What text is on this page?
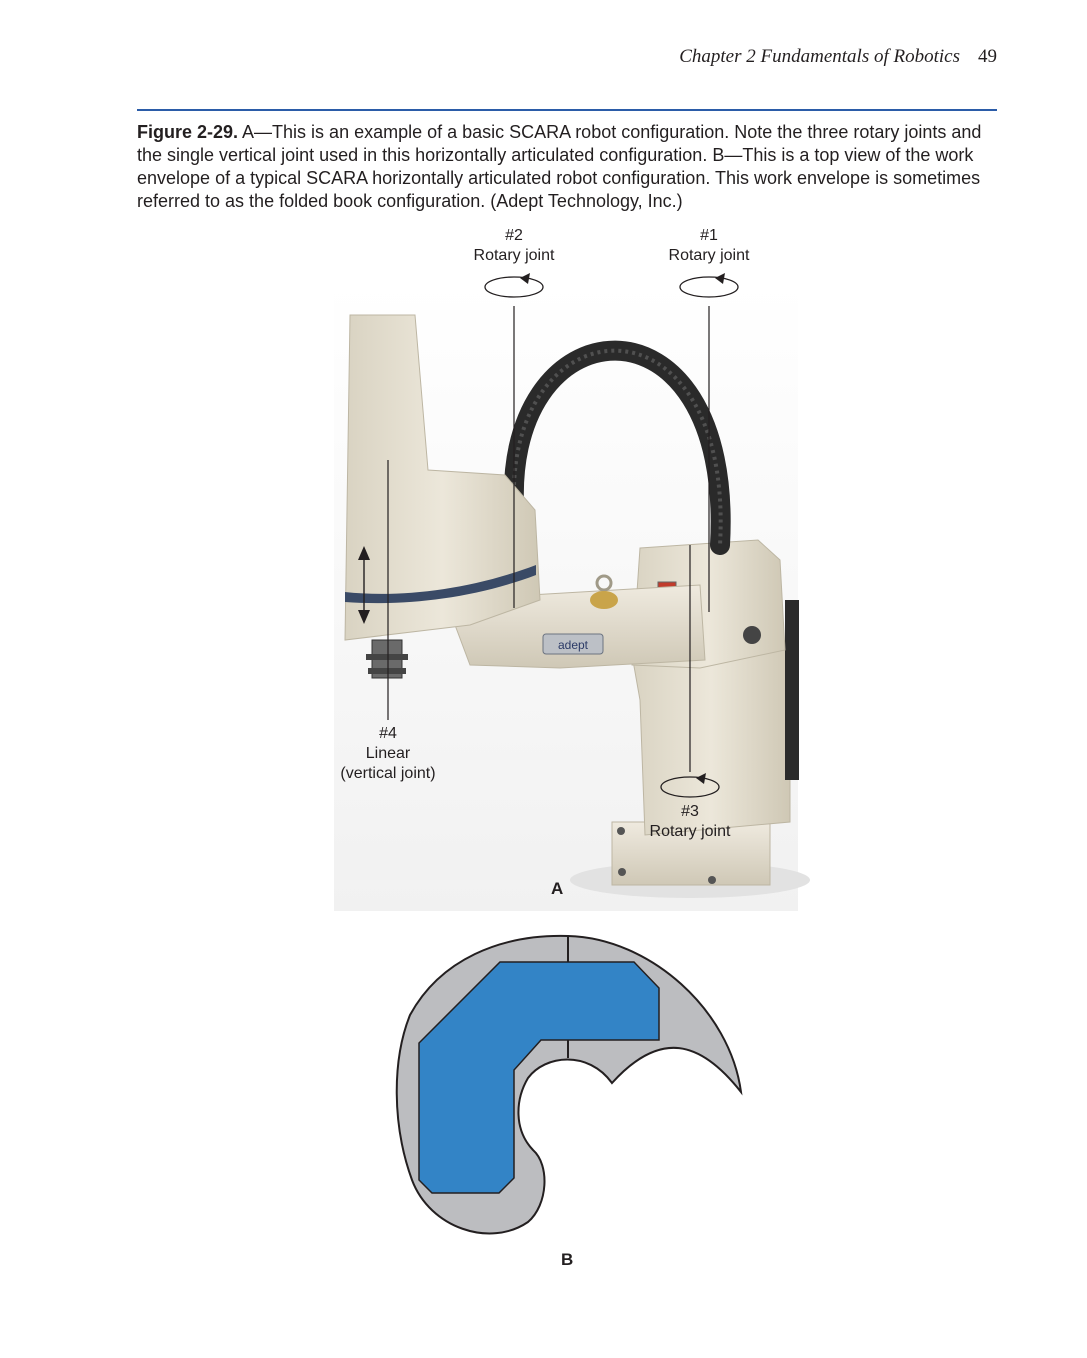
Chapter 2 Fundamentals of Robotics 49
Figure 2-29. A—This is an example of a basic SCARA robot configuration. Note the three rotary joints and the single vertical joint used in this horizontally articulated configuration. B—This is a top view of the work envelope of a typical SCARA horizontally articulated robot configuration. This work envelope is sometimes referred to as the folded book configuration. (Adept Technology, Inc.)
adept
#2
Rotary joint
#1
Rotary joint
#4
Linear
(vertical joint)
#3
Rotary joint
A
B
